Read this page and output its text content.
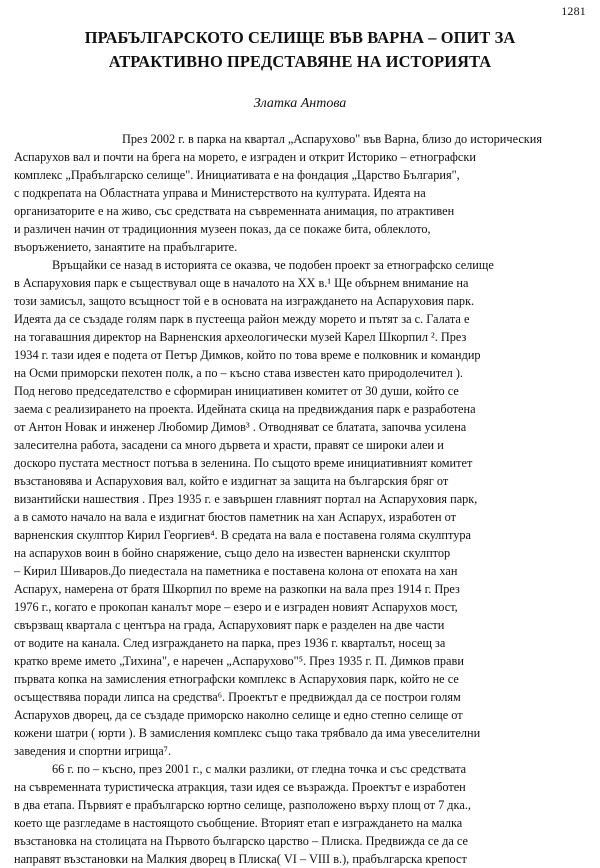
1281
ПРАБЪЛГАРСКОТО СЕЛИЩЕ ВЪВ ВАРНА – ОПИТ ЗА
АТРАКТИВНО ПРЕДСТАВЯНЕ НА ИСТОРИЯТА
Златка Антова
През 2002 г. в парка на квартал „Аспарухово" във Варна, близо до историческия
Аспарухов вал и почти на брега на морето, е изграден и открит Историко – етнографски
комплекс „Прабългарско селище". Инициативата е на фондация „Царство България",
с подкрепата на Областната управа и Министерството на културата. Идеята на
организаторите е на живо, със средствата на съвременната анимация, по атрактивен
и различен начин от традиционния музеен показ, да се покаже бита, облеклото,
въоръжението, занаятите на прабългарите.
Връщайки се назад в историята се оказва, че подобен проект за етнографско селище
в Аспаруховия парк е съществувал още в началото на ХХ в.¹ Ще обърнем внимание на
този замисъл, защото всъщност той е в основата на изграждането на Аспаруховия парк.
Идеята да се създаде голям парк в пустееща район между морето и пътят за с. Галата е
на тогавашния директор на Варненския археологически музей Карел Шкорпил ². През
1934 г. тази идея е подета от Петър Димков, който по това време е полковник и командир
на Осми приморски пехотен полк, а по – късно става известен като природолечител ).
Под негово председателство е сформиран инициативен комитет от 30 души, който се
заема с реализирането на проекта. Идейната скица на предвиждания парк е разработена
от Антон Новак и инженер Любомир Димов³ . Отводняват се блатата, започва усилена
залесителна работа, засадени са много дървета и храсти, правят се широки алеи и
доскоро пустата местност потъва в зеленина. По същото време инициативният комитет
възстановява и Аспаруховия вал, който е издигнат за защита на българския бряг от
византийски нашествия . През 1935 г. е завършен главният портал на Аспаруховия парк,
а в самото начало на вала е издигнат бюстов паметник на хан Аспарух, изработен от
варненския скулптор Кирил Георгиев⁴. В средата на вала е поставена голяма скулптура
на аспарухов воин в бойно снаряжение, също дело на известен варненски скулптор
– Кирил Шиваров.До пиедестала на паметника е поставена колона от епохата на хан
Аспарух, намерена от братя Шкорпил по време на разкопки на вала през 1914 г. През
1976 г., когато е прокопан каналът море – езеро и е изграден новият Аспарухов мост,
свързващ квартала с центъра на града, Аспаруховият парк е разделен на две части
от водите на канала. След изграждането на парка, през 1936 г. кварталът, носещ за
кратко време името „Тихина", е наречен „Аспарухово"⁵. През 1935 г. П. Димков прави
първата копка на замисления етнографски комплекс в Аспаруховия парк, който не се
осъществява поради липса на средства⁶. Проектът е предвиждал да се построи голям
Аспарухов дворец, да се създаде приморско наколно селище и едно степно селище от
кожени шатри ( юрти ). В замисления комплекс също така трябвало да има увеселителни
заведения и спортни игрища⁷.
66 г. по – късно, през 2001 г., с малки разлики, от гледна точка и със средствата
на съвременната туристическа атракция, тази идея се възражда. Проектът е изработен
в два етапа. Първият е прабългарско юртно селище, разположено върху площ от 7 дка.,
което ще разгледаме в настоящото съобщение. Вторият етап е изграждането на малка
възстановка на столицата на Първото българско царство – Плиска. Предвижда се да се
направят възстановки на Малкия дворец в Плиска( VI – VIII в.), прабългарска крепост
